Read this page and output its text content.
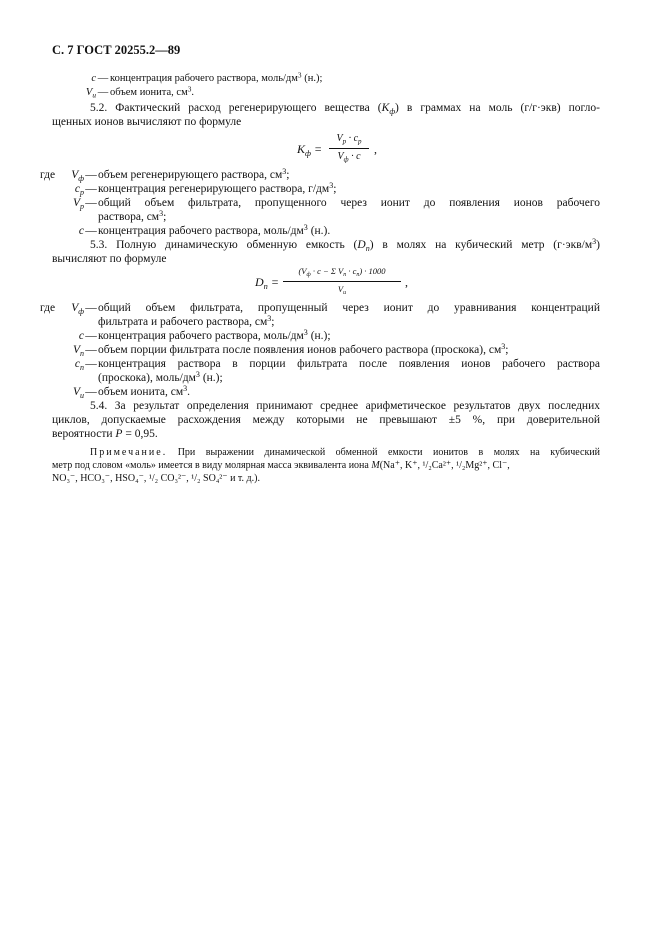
С. 7 ГОСТ 20255.2—89
c — концентрация рабочего раствора, моль/$дм^3$ (н.);
$V_и$ — объем ионита, $см^3$.
5.2. Фактический расход регенерирующего вещества $(K_ф)$ в граммах на моль (г/г·экв) погло-
щенных ионов вычисляют по формуле
$K_ф$ =
$V_р \cdot c_р$
$V_ф \cdot c$
,
где	$V_ф$ — объем регенерирующего раствора, $см^3$;
$c_р$ — концентрация регенерирующего раствора, $г/дм^3$;
$V_р$ — общий объем фильтрата, пропущенного через ионит до появления ионов рабочего
раствора, $см^3$;
c — концентрация рабочего раствора, моль/$дм^3$ (н.).
5.3. Полную динамическую обменную емкость $(D_п)$ в молях на кубический метр $(г\cdot экв/м^3)$
вычисляют по формуле
$D_п$ =
($V_ф \cdot c - \Sigma$ $V_п \cdot c_п) \cdot 1000$
$V_и$
,
где	$V_ф$ — общий объем фильтрата, пропущенный через ионит до уравнивания концентраций
фильтрата и рабочего раствора, $см^3$;
c — концентрация рабочего раствора, моль/$дм^3$ (н.);
$V_п$ — объем порции фильтрата после появления ионов рабочего раствора (проскока), $см^3$;
$c_п$ — концентрация раствора в порции фильтрата после появления ионов рабочего раствора
(проскока), моль/$дм^3$ (н.);
$V_и$ — объем ионита, $см^3$.
5.4. За результат определения принимают среднее арифметическое результатов двух последних
циклов, допускаемые расхождения между которыми не превышают ±5 %, при доверительной
вероятности P = 0,95.
Примечание. При выражении динамической обменной емкости ионитов в молях на кубический
метр под словом «моль» имеется в виду молярная масса эквивалента иона M(Na⁺, K⁺, ¹/₂Ca²⁺, ¹/₂Mg²⁺, Cl⁻,
NO₃⁻, HCO₃⁻, HSO₄⁻, ¹/₂ CO₃²⁻, ¹/₂ SO₄²⁻ и т. д.).
